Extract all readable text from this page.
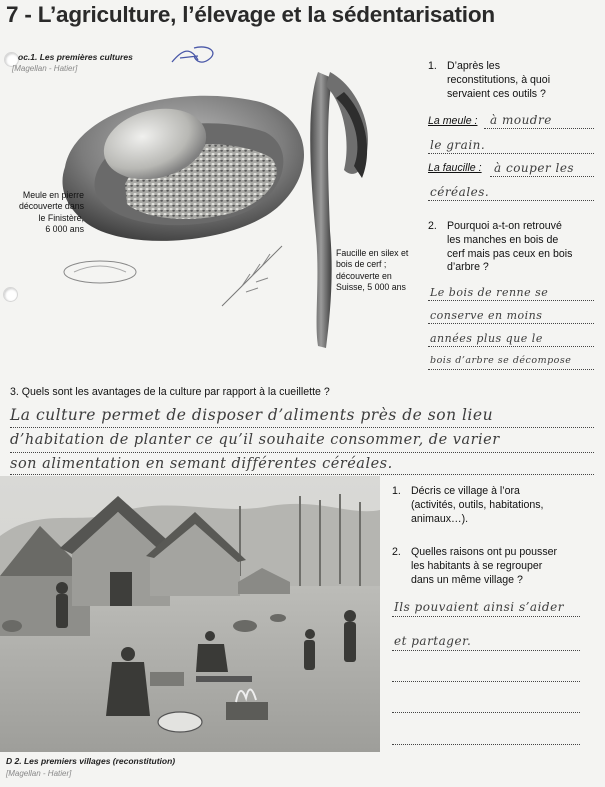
7 - L’agriculture, l’élevage et la sédentarisation
oc.1. Les premières cultures
[Magellan - Hatier]
Meule en pierre
découverte dans
le Finistère,
6 000 ans
Faucille en silex et
bois de cerf ;
découverte en
Suisse, 5 000 ans
1. D’après les
reconstitutions, à quoi
servaient ces outils ?
La meule : à moudre
le grain.
La faucille : à couper les
céréales.
2. Pourquoi a-t-on retrouvé
les manches en bois de
cerf mais pas ceux en bois
d’arbre ?
Le bois de renne se
conserve en moins
années plus que le
bois d’arbre se décompose
3. Quels sont les avantages de la culture par rapport à la cueillette ?
La culture permet de disposer d’aliments près de son lieu
d’habitation de planter ce qu’il souhaite consommer, de varier
son alimentation en semant différentes céréales.
1. Décris ce village à l’ora
(activités, outils, habitations,
animaux…).
2. Quelles raisons ont pu pousser
les habitants à se regrouper
dans un même village ?
Ils pouvaient ainsi s’aider
et partager.
D 2. Les premiers villages (reconstitution)
[Magellan - Hatier]
